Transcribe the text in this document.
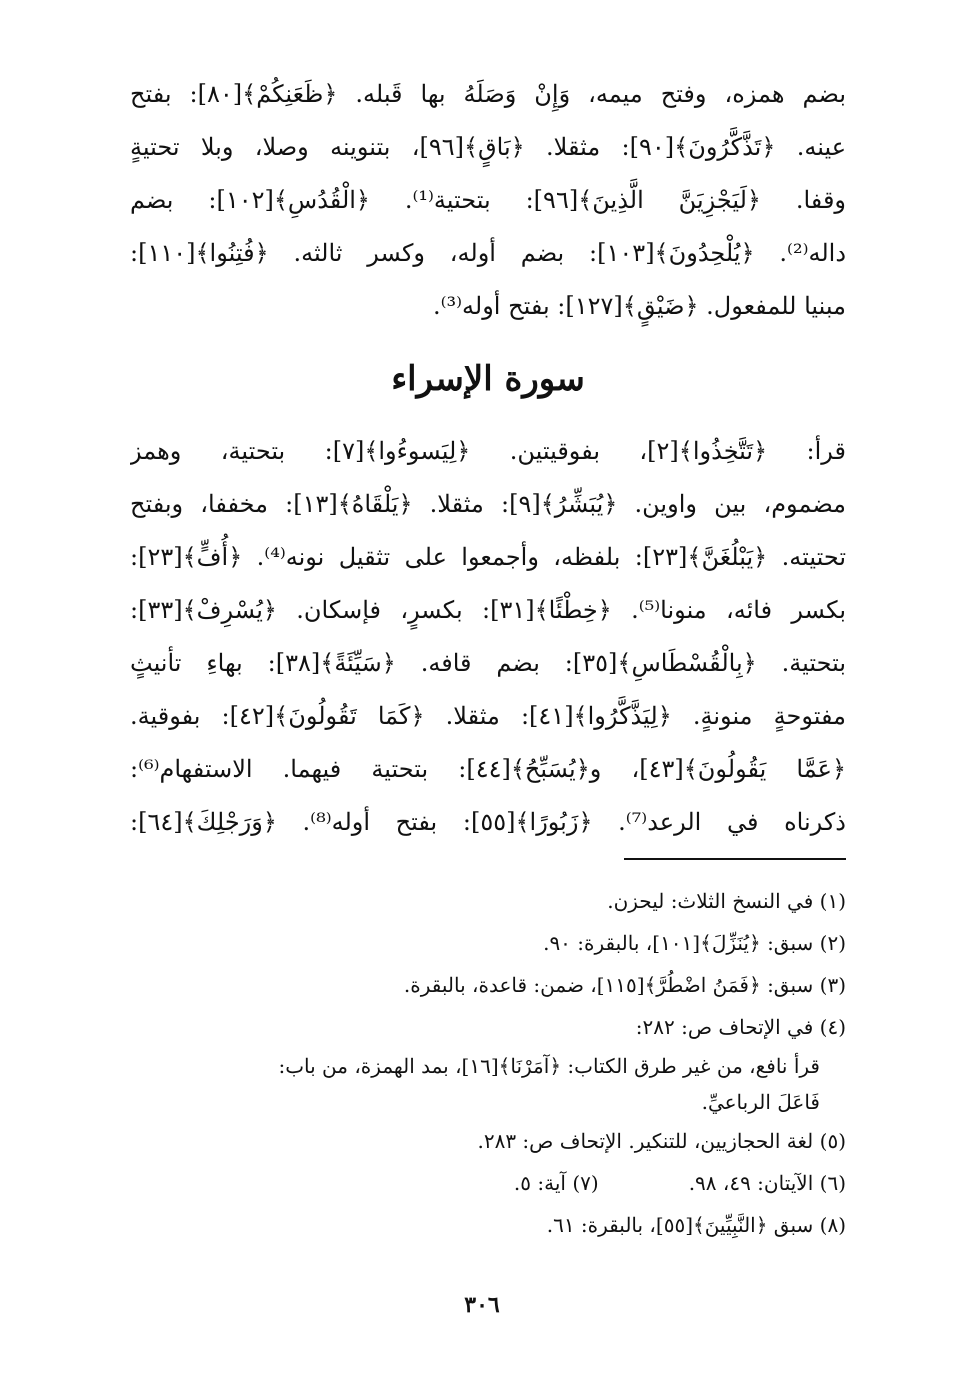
بضم همزه، وفتح ميمه، وَإِنْ وَصَلَهُ بها قَبله. ﴿ظَعَنِكُمْ﴾[٨٠]: بفتح
عينه. ﴿تَذَّكَّرُونَ﴾[٩٠]: مثقلا. ﴿بَاقٍ﴾[٩٦]، بتنوينه وصلا، وبلا تحتيةٍ
وقفا. ﴿لَيَجْزِيَنَّ الَّذِينَ﴾[٩٦]: بتحتية⁽¹⁾. ﴿الْقُدُسِ﴾[١٠٢]: بضم
داله⁽²⁾. ﴿يُلْحِدُونَ﴾[١٠٣]: بضم أوله، وكسر ثالثه. ﴿فُتِنُوا﴾[١١٠]:
مبنيا للمفعول. ﴿ضَيْقٍ﴾[١٢٧]: بفتح أوله⁽³⁾.
سورة الإسراء
قرأ: ﴿تَتَّخِذُوا﴾[٢]، بفوقيتين. ﴿لِيَسوءُوا﴾[٧]: بتحتية، وهمز
مضموم، بين واوين. ﴿يُبَشِّرُ﴾[٩]: مثقلا. ﴿يَلْقَاهُ﴾[١٣]: مخففا، وبفتح
تحتيته. ﴿يَبْلُغَنَّ﴾[٢٣]: بلفظه، وأجمعوا على تثقيل نونه⁽⁴⁾. ﴿أُفٍّ﴾[٢٣]:
بكسر فائه، منونا⁽⁵⁾. ﴿خِطْئًا﴾[٣١]: بكسرٍ، فإسكان. ﴿يُسْرِفْ﴾[٣٣]:
بتحتية. ﴿بِالْقُسْطَاسِ﴾[٣٥]: بضم قافه. ﴿سَيِّئَةً﴾[٣٨]: بهاءِ تأنيثٍ
مفتوحةٍ منونةٍ. ﴿لِيَذَّكَّرُوا﴾[٤١]: مثقلا. ﴿كَمَا تَقُولُونَ﴾[٤٢]: بفوقية.
﴿عَمَّا يَقُولُونَ﴾[٤٣]، و﴿يُسَبِّحُ﴾[٤٤]: بتحتية فيهما. الاستفهام⁽⁶⁾:
ذكرناه في الرعد⁽⁷⁾. ﴿زَبُورًا﴾[٥٥]: بفتح أوله⁽⁸⁾. ﴿وَرَجْلِكَ﴾[٦٤]:
(١) في النسخ الثلاث: ليحزن.
(٢) سبق: ﴿يُنَزِّلَ﴾[١٠١]، بالبقرة: ٩٠.
(٣) سبق: ﴿فَمَنُ اضْطُرَّ﴾[١١٥]، ضمن: قاعدة، بالبقرة.
(٤) في الإتحاف ص: ٢٨٢:
قرأ نافع، من غير طرق الكتاب: ﴿آمَرْنَا﴾[١٦]، بمد الهمزة، من باب:
فَاعَلَ الرباعيِّ.
(٥) لغة الحجازيين، للتنكير. الإتحاف ص: ٢٨٣.
(٦) الآيتان: ٤٩، ٩٨.
(٧) آية: ٥.
(٨) سبق ﴿النَّبِيِّينَ﴾[٥٥]، بالبقرة: ٦١.
٣٠٦
